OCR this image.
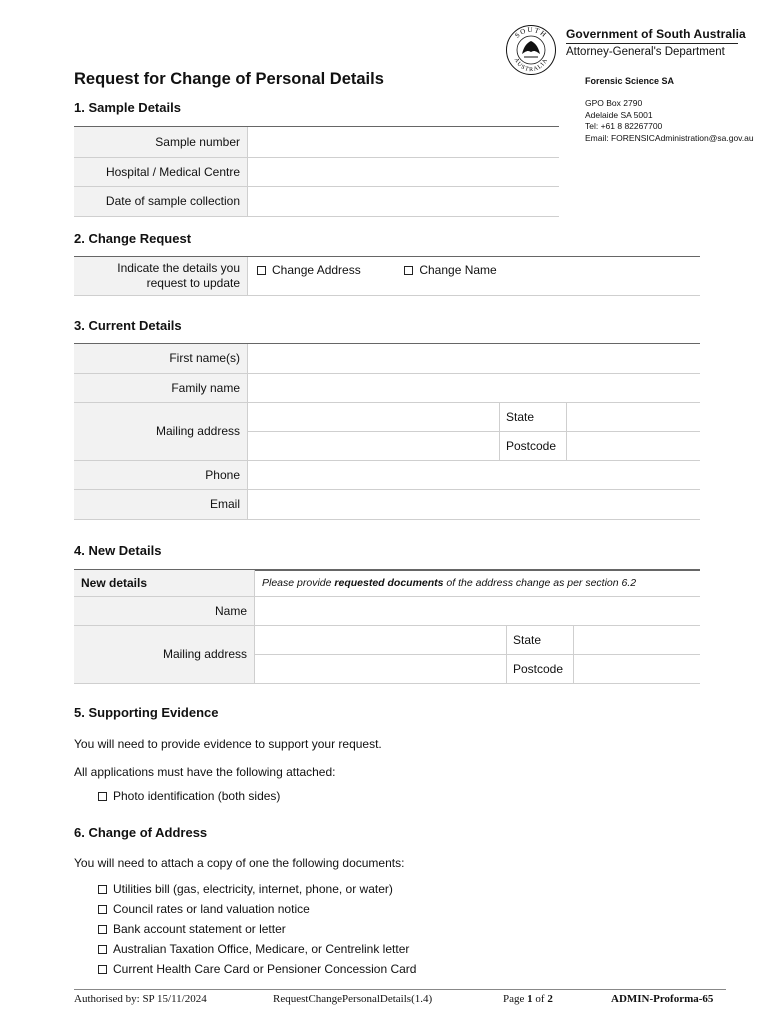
SOUTH
AUSTRALIA
Government of South Australia
Attorney-General's Department
Request for Change of Personal Details	Forensic Science SA
GPO Box 2790
Adelaide SA 5001
Tel: +61 8 82267700
Email: FORENSICAdministration@sa.gov.au
1. Sample Details
Sample number	
Hospital / Medical Centre	
Date of sample collection	
2. Change Request
Indicate the details you request to update	Change Address	Change Name
3. Current Details
First name(s)			
Family name			
Mailing address		State	
		Postcode	
Phone			
Email			
4. New Details
New details	Please provide requested documents of the address change as per section 6.2		
Name			
Mailing address		State	
		Postcode	
5. Supporting Evidence
You will need to provide evidence to support your request.
All applications must have the following attached:
Photo identification (both sides)
6. Change of Address
You will need to attach a copy of one the following documents:
Utilities bill (gas, electricity, internet, phone, or water)
Council rates or land valuation notice
Bank account statement or letter
Australian Taxation Office, Medicare, or Centrelink letter
Current Health Care Card or Pensioner Concession Card
Authorised by: SP 15/11/2024	RequestChangePersonalDetails(1.4)	Page 1 of 2	ADMIN-Proforma-65
